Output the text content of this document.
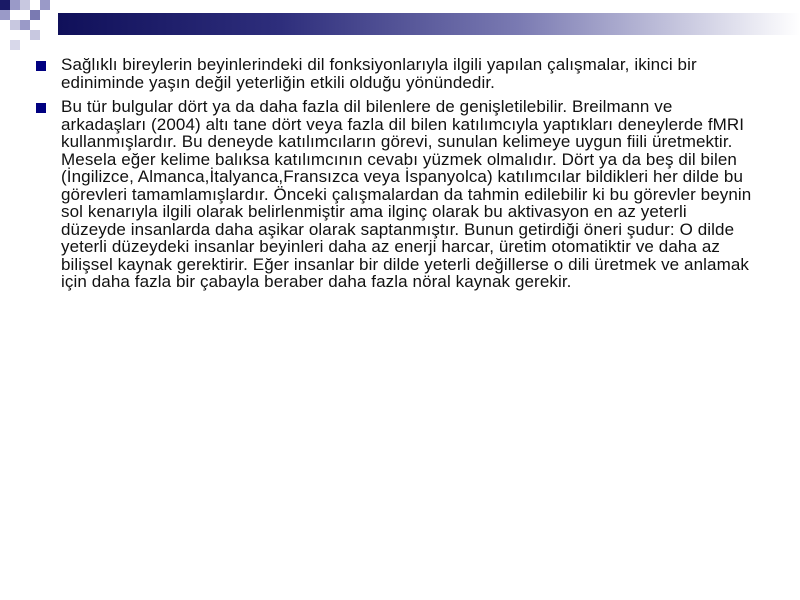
Sağlıklı bireylerin beyinlerindeki dil fonksiyonlarıyla ilgili yapılan çalışmalar, ikinci bir ediniminde yaşın değil yeterliğin etkili olduğu yönündedir.
Bu tür bulgular dört ya da daha fazla dil bilenlere de genişletilebilir. Breilmann ve arkadaşları (2004) altı tane dört veya fazla dil bilen katılımcıyla yaptıkları deneylerde fMRI kullanmışlardır. Bu deneyde katılımcıların görevi, sunulan kelimeye uygun fiili üretmektir. Mesela eğer kelime balıksa katılımcının cevabı yüzmek olmalıdır. Dört ya da beş dil bilen (İngilizce, Almanca,İtalyanca,Fransızca veya İspanyolca) katılımcılar bildikleri her dilde bu görevleri tamamlamışlardır. Önceki çalışmalardan da tahmin edilebilir ki bu görevler beynin sol kenarıyla ilgili olarak belirlenmiştir ama ilginç olarak bu aktivasyon en az yeterli düzeyde insanlarda daha aşikar olarak saptanmıştır. Bunun getirdiği öneri şudur: O dilde yeterli düzeydeki insanlar beyinleri daha az enerji harcar, üretim otomatiktir ve daha az bilişsel kaynak gerektirir. Eğer insanlar bir dilde yeterli değillerse o dili üretmek ve anlamak için daha fazla bir çabayla beraber daha fazla nöral kaynak gerekir.
